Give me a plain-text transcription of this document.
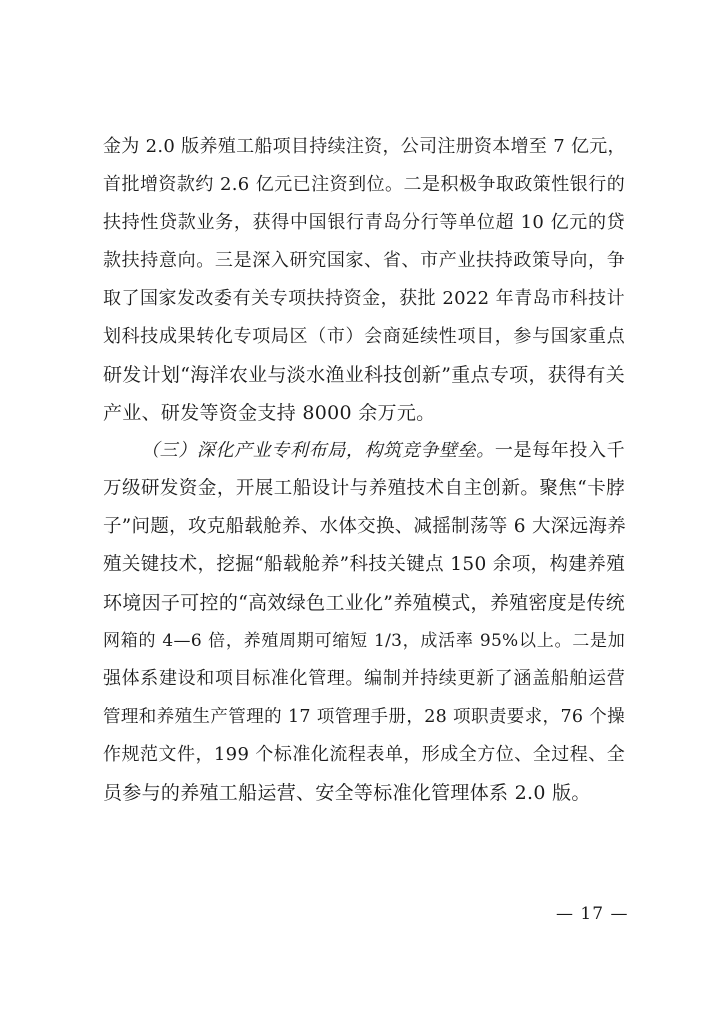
金为 2.0 版养殖工船项目持续注资，公司注册资本增至 7 亿元，
首批增资款约 2.6 亿元已注资到位。二是积极争取政策性银行的
扶持性贷款业务，获得中国银行青岛分行等单位超 10 亿元的贷
款扶持意向。三是深入研究国家、省、市产业扶持政策导向，争
取了国家发改委有关专项扶持资金，获批 2022 年青岛市科技计
划科技成果转化专项局区（市）会商延续性项目，参与国家重点
研发计划“海洋农业与淡水渔业科技创新”重点专项，获得有关
产业、研发等资金支持 8000 余万元。
（三）深化产业专利布局，构筑竞争壁垒。一是每年投入千
万级研发资金，开展工船设计与养殖技术自主创新。聚焦“卡脖
子”问题，攻克船载舱养、水体交换、减摇制荡等 6 大深远海养
殖关键技术，挖掘“船载舱养”科技关键点 150 余项，构建养殖
环境因子可控的“高效绿色工业化”养殖模式，养殖密度是传统
网箱的 4—6 倍，养殖周期可缩短 1/3，成活率 95%以上。二是加
强体系建设和项目标准化管理。编制并持续更新了涵盖船舶运营
管理和养殖生产管理的 17 项管理手册，28 项职责要求，76 个操
作规范文件，199 个标准化流程表单，形成全方位、全过程、全
员参与的养殖工船运营、安全等标准化管理体系 2.0 版。
— 17 —
